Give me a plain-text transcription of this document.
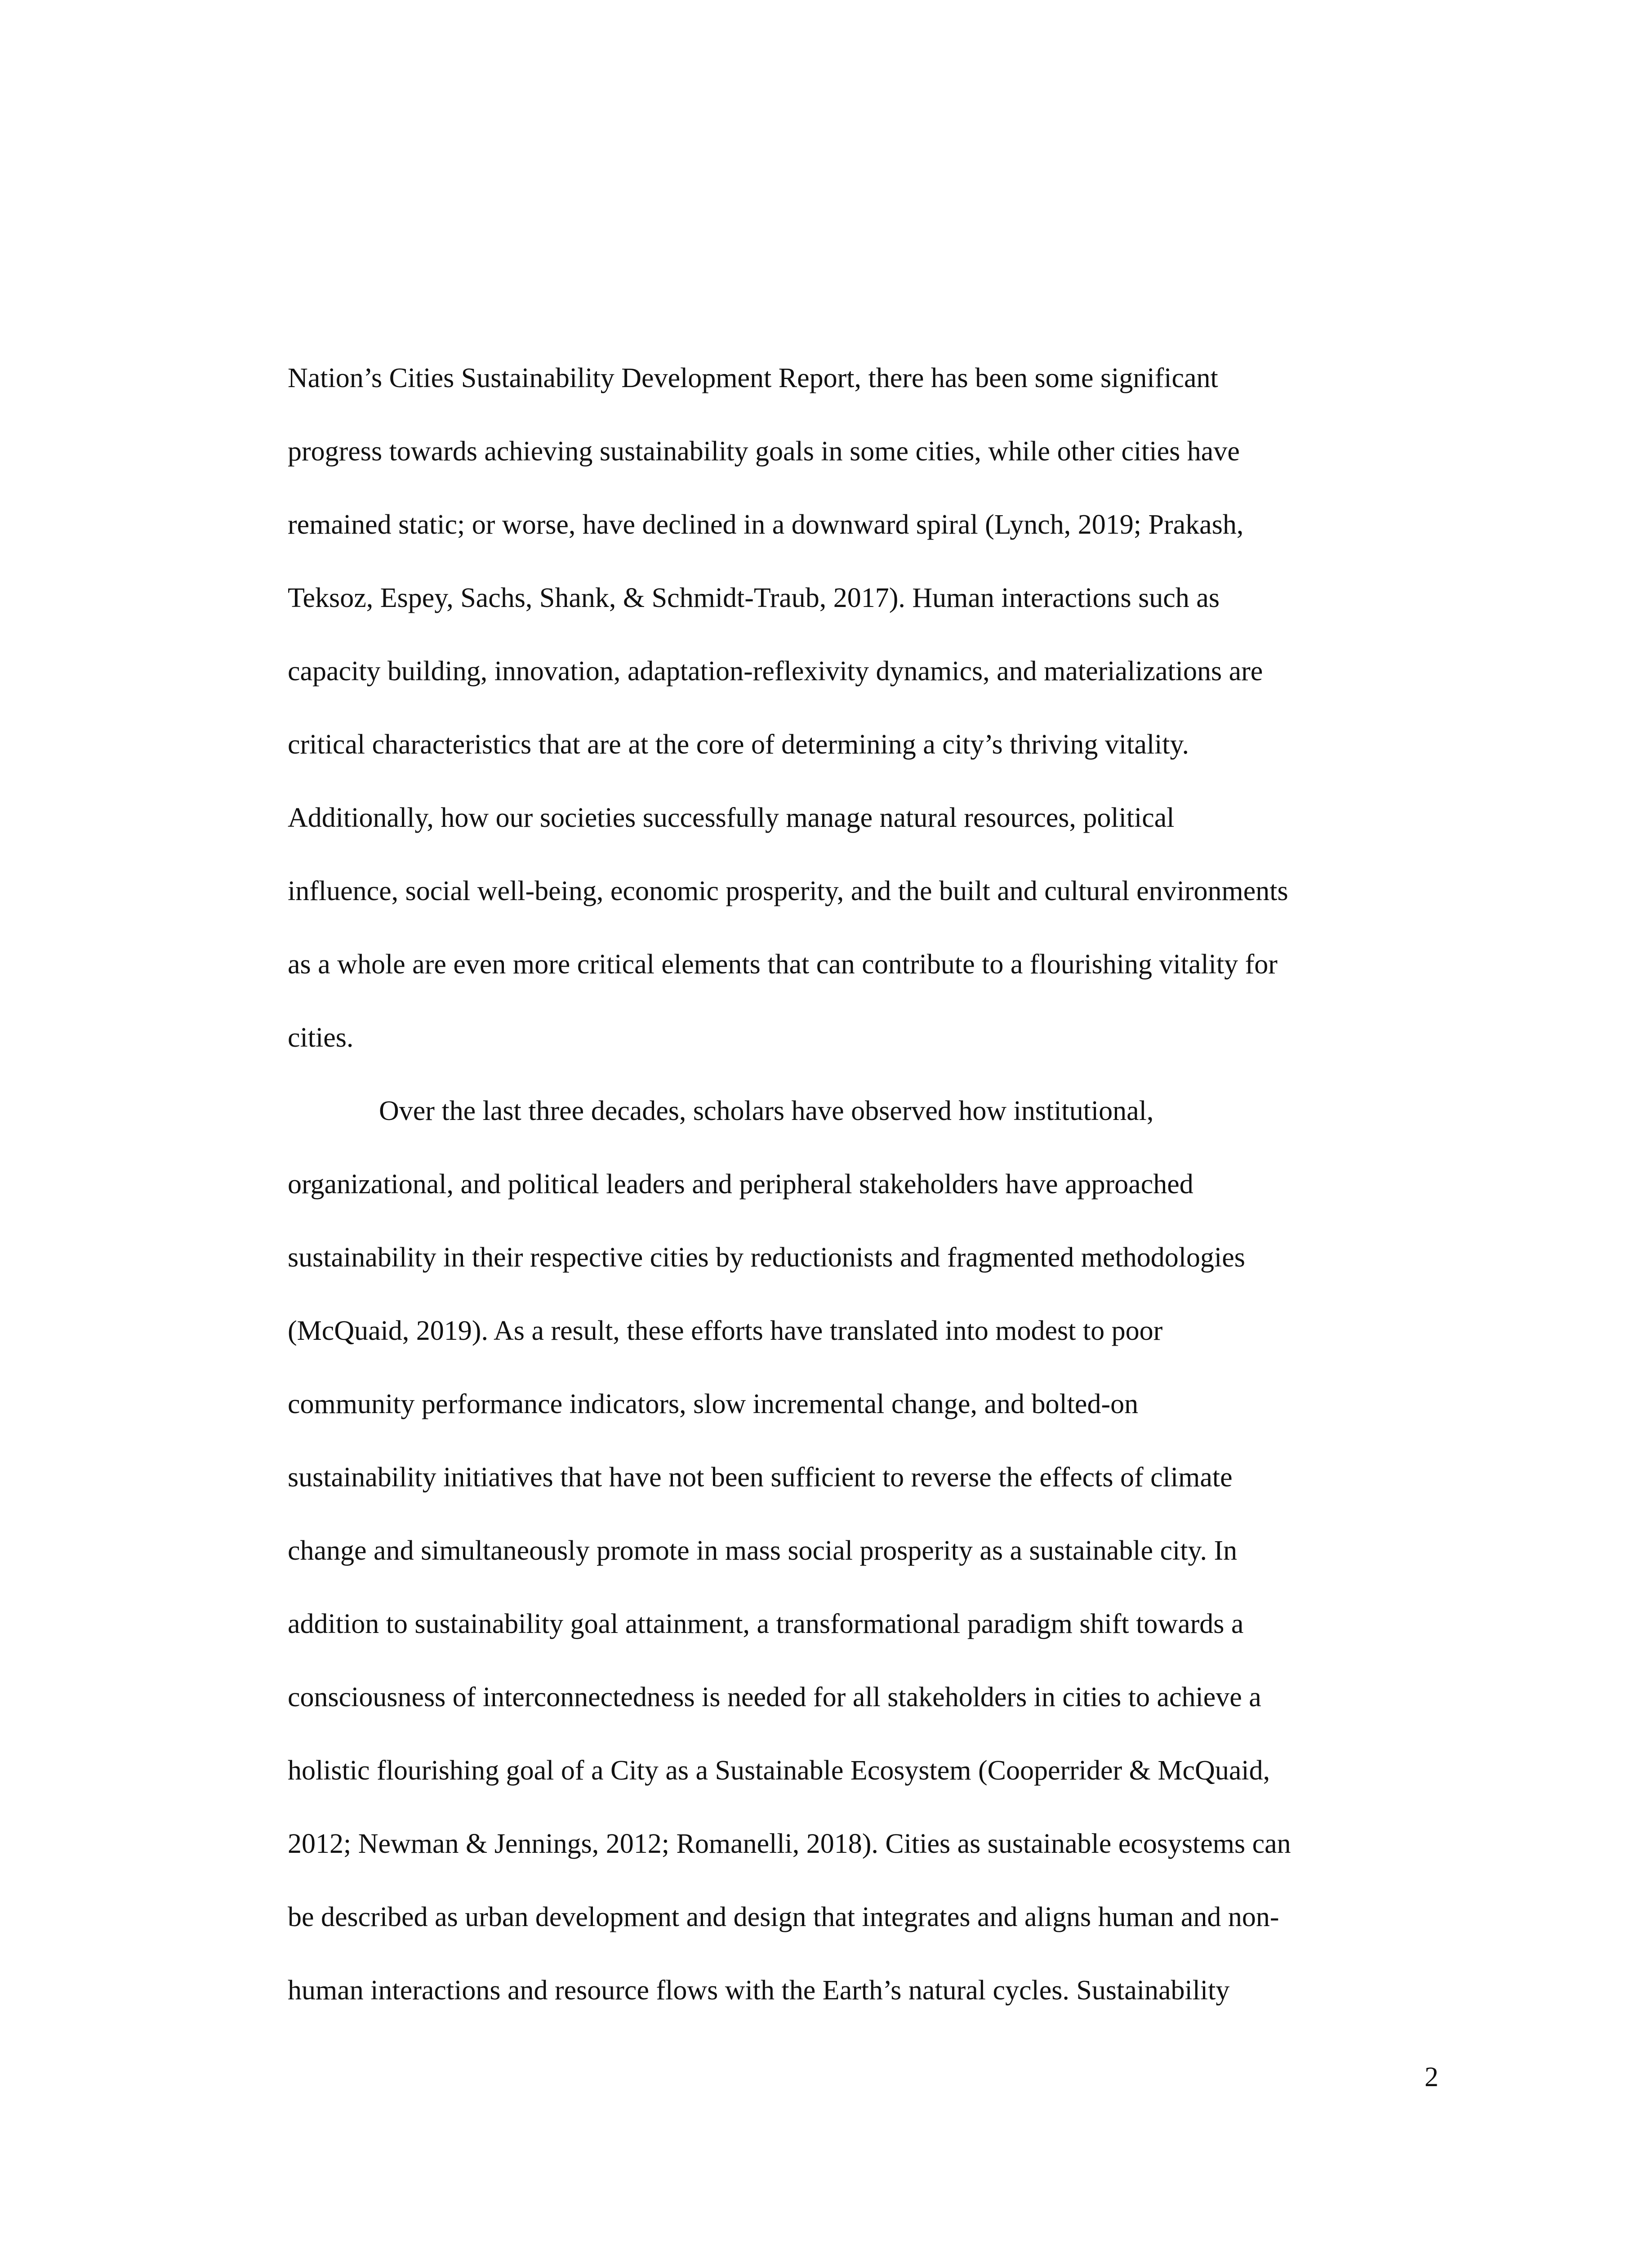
Nation’s Cities Sustainability Development Report, there has been some significant
progress towards achieving sustainability goals in some cities, while other cities have
remained static; or worse, have declined in a downward spiral (Lynch, 2019; Prakash,
Teksoz, Espey, Sachs, Shank, & Schmidt-Traub, 2017). Human interactions such as
capacity building, innovation, adaptation-reflexivity dynamics, and materializations are
critical characteristics that are at the core of determining a city’s thriving vitality.
Additionally, how our societies successfully manage natural resources, political
influence, social well-being, economic prosperity, and the built and cultural environments
as a whole are even more critical elements that can contribute to a flourishing vitality for
cities.
Over the last three decades, scholars have observed how institutional,
organizational, and political leaders and peripheral stakeholders have approached
sustainability in their respective cities by reductionists and fragmented methodologies
(McQuaid, 2019). As a result, these efforts have translated into modest to poor
community performance indicators, slow incremental change, and bolted-on
sustainability initiatives that have not been sufficient to reverse the effects of climate
change and simultaneously promote in mass social prosperity as a sustainable city. In
addition to sustainability goal attainment, a transformational paradigm shift towards a
consciousness of interconnectedness is needed for all stakeholders in cities to achieve a
holistic flourishing goal of a City as a Sustainable Ecosystem (Cooperrider & McQuaid,
2012; Newman & Jennings, 2012; Romanelli, 2018). Cities as sustainable ecosystems can
be described as urban development and design that integrates and aligns human and non-
human interactions and resource flows with the Earth’s natural cycles. Sustainability
2
